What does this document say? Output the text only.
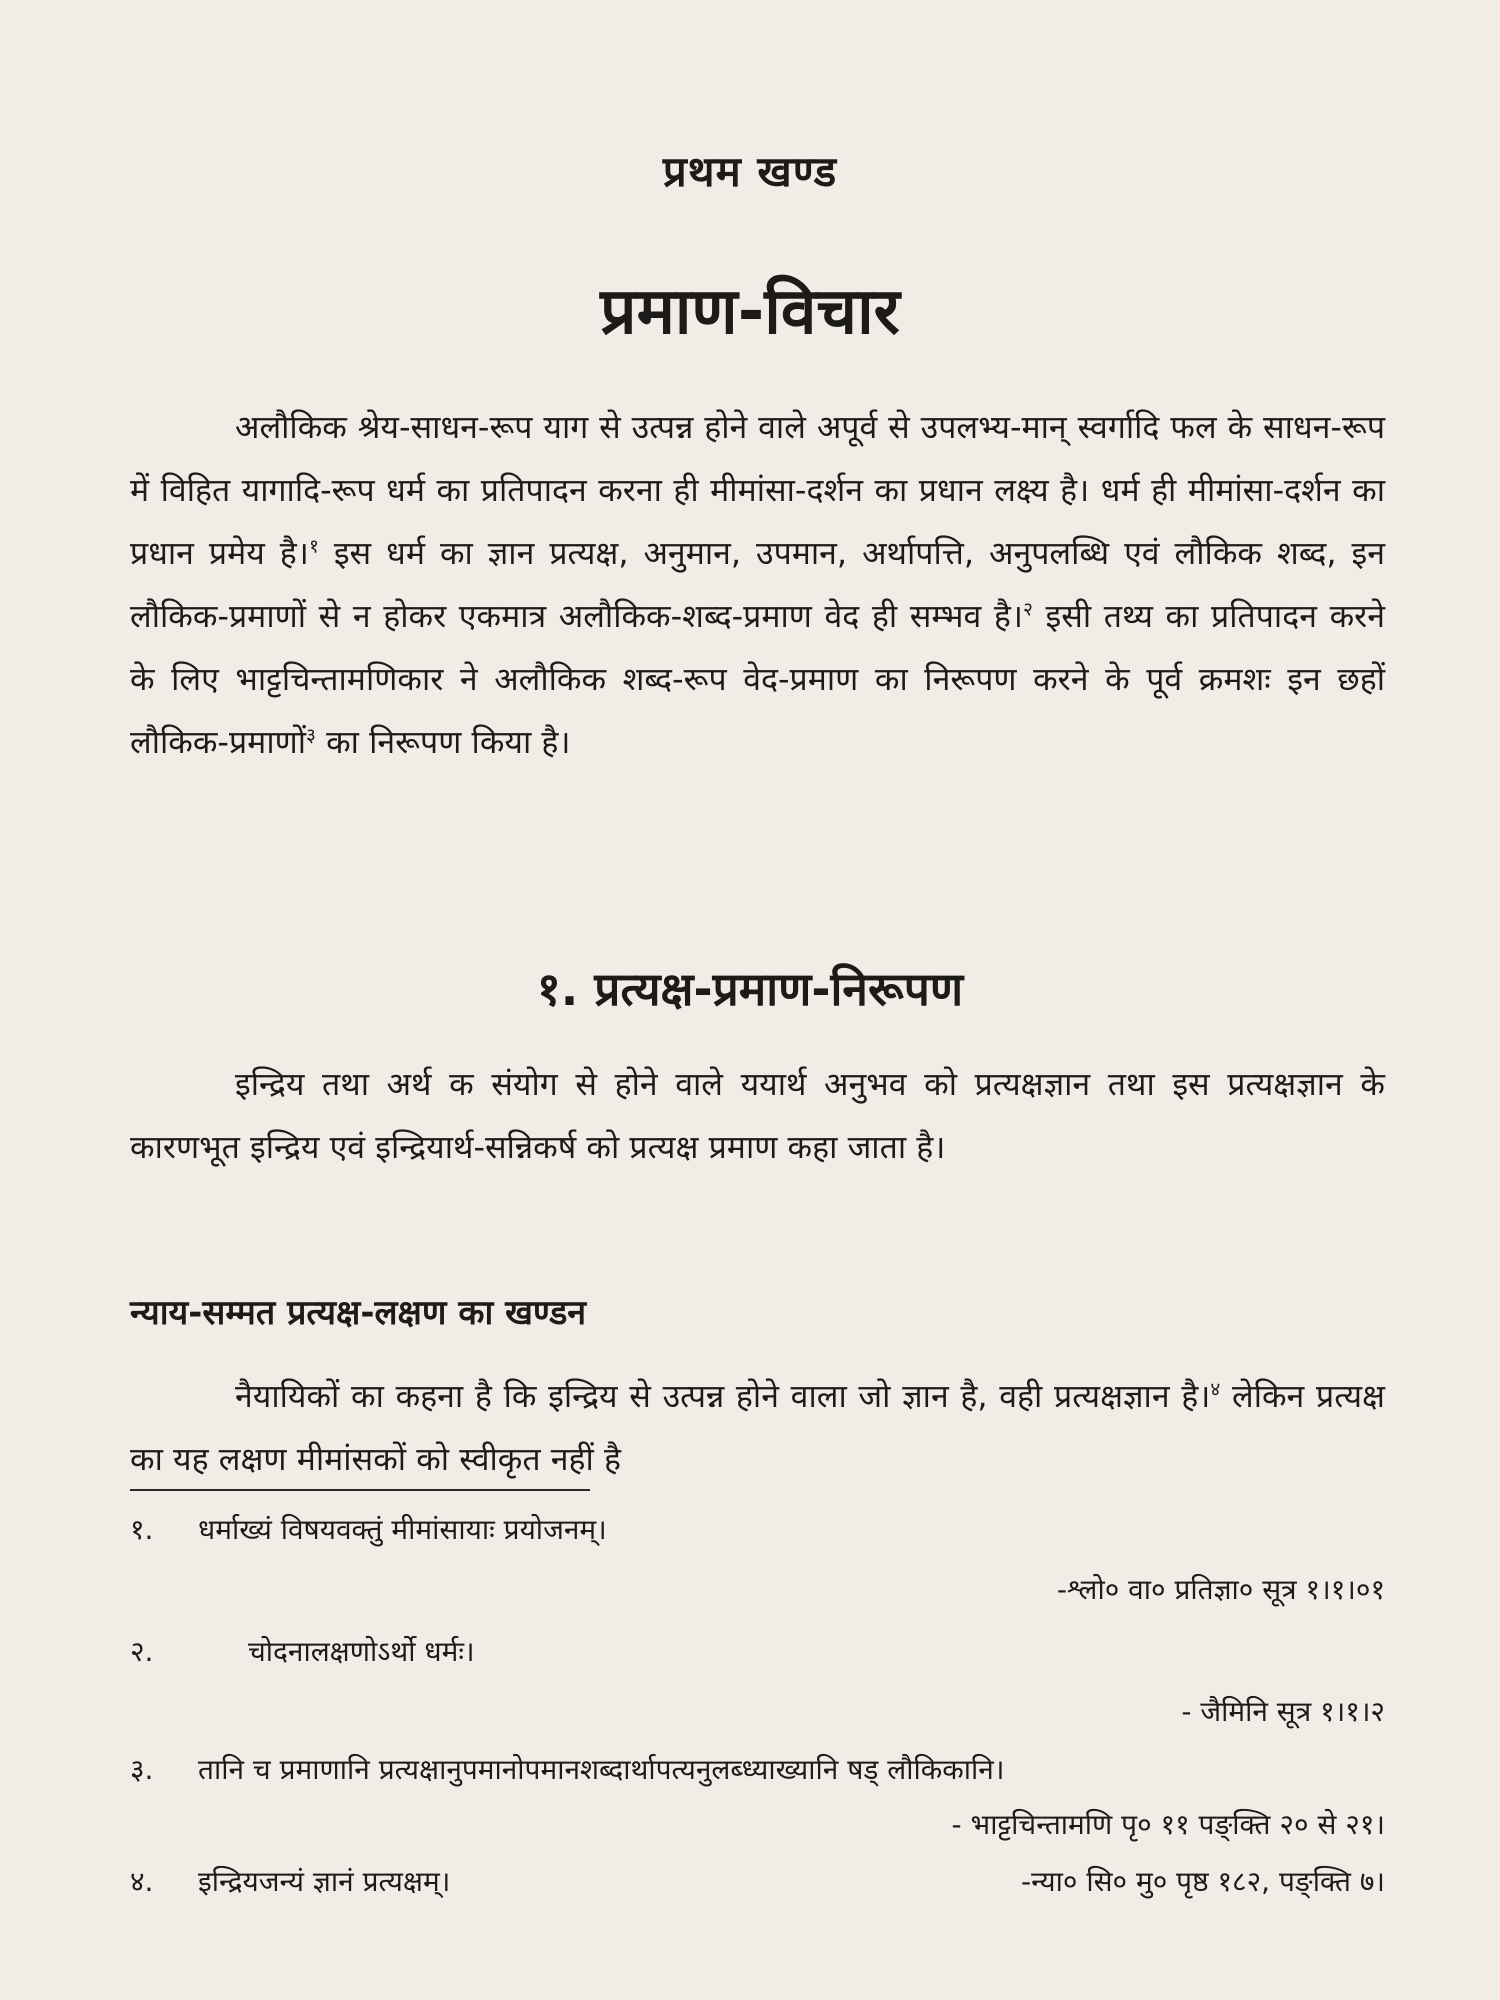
प्रथम खण्ड
प्रमाण-विचार
अलौकिक श्रेय-साधन-रूप याग से उत्पन्न होने वाले अपूर्व से उपलभ्य-मान् स्वर्गादि फल के साधन-रूप में विहित यागादि-रूप धर्म का प्रतिपादन करना ही मीमांसा-दर्शन का प्रधान लक्ष्य है। धर्म ही मीमांसा-दर्शन का प्रधान प्रमेय है।$^१$ इस धर्म का ज्ञान प्रत्यक्ष, अनुमान, उपमान, अर्थापत्ति, अनुपलब्धि एवं लौकिक शब्द, इन लौकिक-प्रमाणों से न होकर एकमात्र अलौकिक-शब्द-प्रमाण वेद ही सम्भव है।$^२$ इसी तथ्य का प्रतिपादन करने के लिए भाट्टचिन्तामणिकार ने अलौकिक शब्द-रूप वेद-प्रमाण का निरूपण करने के पूर्व क्रमशः इन छहों लौकिक-प्रमाणों$^३$ का निरूपण किया है।
१. प्रत्यक्ष-प्रमाण-निरूपण
इन्द्रिय तथा अर्थ क संयोग से होने वाले ययार्थ अनुभव को प्रत्यक्षज्ञान तथा इस प्रत्यक्षज्ञान के कारणभूत इन्द्रिय एवं इन्द्रियार्थ-सन्निकर्ष को प्रत्यक्ष प्रमाण कहा जाता है।
न्याय-सम्मत प्रत्यक्ष-लक्षण का खण्डन
नैयायिकों का कहना है कि इन्द्रिय से उत्पन्न होने वाला जो ज्ञान है, वही प्रत्यक्षज्ञान है।$^४$ लेकिन प्रत्यक्ष का यह लक्षण मीमांसकों को स्वीकृत नहीं है
१. धर्माख्यं विषयवक्तुं मीमांसायाः प्रयोजनम्।
-श्लो० वा० प्रतिज्ञा० सूत्र १।१।०१
२.	चोदनालक्षणोऽर्थो धर्मः।
- जैमिनि सूत्र १।१।२
३. तानि च प्रमाणानि प्रत्यक्षानुपमानोपमानशब्दार्थापत्यनुलब्ध्याख्यानि षड् लौकिकानि।
- भाट्टचिन्तामणि पृ० ११ पङ्क्ति २० से २१।
४. इन्द्रियजन्यं ज्ञानं प्रत्यक्षम्।	-न्या० सि० मु० पृष्ठ १८२, पङ्क्ति ७।
